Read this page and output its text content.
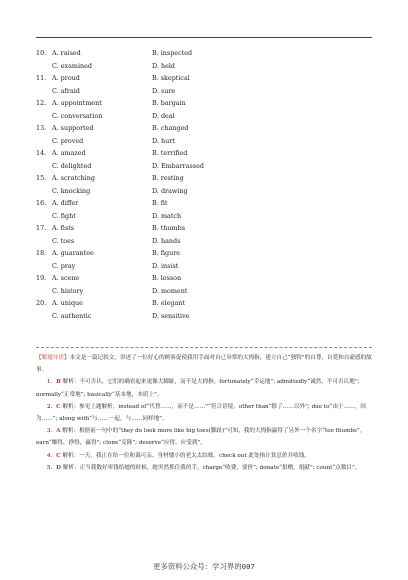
10. A. raised	B. inspected
C. examined	D. held
11. A. proud	B. skeptical
C. afraid	D. sure
12. A. appointment	B. bargain
C. conversation	D. deal
13. A. supported	B. changed
C. proved	D. hurt
14. A. amazed	B. terrified
C. delighted	D. Embarrassed
15. A. scratching	B. resting
C. knocking	D. drawing
16. A. differ	B. fit
C. fight	D. match
17. A. fists	B. thumbs
C. toes	D. hands
18. A. guarantee	B. figure
C. pray	D. insist
19. A. scene	B. lesson
C. history	D. moment
20. A. unique	B. elegant
C. authentic	D. sensitive

【解题导语】本文是一篇记叙文，讲述了一位好心的顾客促使我用手面对自己异常的大拇指，建立自己“独特”的自尊，自爱和自豪感的故事。

1．B 解析：不可否认，它们的确看起来更像大脚趾，而不是大拇指。fortunately“幸运地”; admittedly“诚然，不可否认地”; normally“正常地”; basically“基本地，本质上”。

2．C 解析：参见上题解析。instead of“代替……，而不是……”“符合语境。other than“除了……以外”; due to“由于……，因为……”; along with“与……一起，与……同样地”。

3．A 解析：根据前一句中的“they do look more like big toes(脚趾)”可知，我的大拇指赢得了另外一个名字“toe thumbs”。earn“赚得，挣得，赢得”; clone“克隆”; deserve“应得，应受到”。

4．C 解析：一天，我正在给一位和蔼可亲、身材矮小的老太太结账。check out 此处指计算总价并收钱。

5．D 解析：正当我数好零钱给她的时候，她突然抓住我的手。charge“收费，要价”; donate“捐赠，捐献”; count“点数目”。

更多资料公众号：学习界的007
